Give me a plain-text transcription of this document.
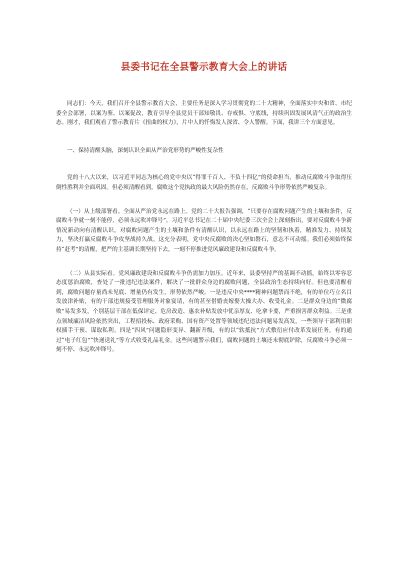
县委书记在全县警示教育大会上的讲话

同志们：今天，我们召开全县警示教育大会，主要任务是深入学习贯彻党的二十大精神，全面落实中央和省、市纪委全会部署，以案为鉴、以案促改，教育引导全县党员干部知敬畏、存戒惧、守底线，持续巩固发展风清气正的政治生态。刚才，我们观看了警示教育片《扭曲的权力》，片中人的忏悔发人深省、令人警醒。下面，我讲三个方面意见。

一、保持清醒头脑，深刻认识全面从严治党形势的严峻性复杂性

党的十八大以来，以习近平同志为核心的党中央以“得罪千百人、不负十四亿”的使命担当，推动反腐败斗争取得压倒性胜利并全面巩固。但必须清醒看到，腐败这个党执政的最大风险仍然存在，反腐败斗争形势依然严峻复杂。

（一）从上级部署看。全面从严治党永远在路上。党的二十大报告强调，“只要存在腐败问题产生的土壤和条件，反腐败斗争就一刻不能停，必须永远吹冲锋号”。习近平总书记在二十届中央纪委三次全会上深刻指出，要对反腐败斗争新情况新动向有清醒认识，对腐败问题产生的土壤和条件有清醒认识，以永远在路上的坚韧和执着，精准发力、持续发力，坚决打赢反腐败斗争攻坚战持久战。这充分表明，党中央反腐败的决心坚如磐石，意志不可动摇。我们必须始终保持“赶考”的清醒，把严的主基调长期坚持下去，一刻不停推进党风廉政建设和反腐败斗争。

（二）从县实际看。党风廉政建设和反腐败斗争仍需加力加压。近年来，县委坚持严的基调不动摇，始终以零容忍态度惩治腐败，查处了一批违纪违法案件，解决了一批群众身边的腐败问题，全县政治生态持续向好。但也要清醒看到，腐败问题存量尚未见底、增量仍有发生，形势依然严峻。一是违反中央****精神问题禁而不绝，有的单位巧立名目发放津补贴，有的干部违规接受管理服务对象宴请，有的甚至借婚丧嫁娶大操大办、收受礼金。二是群众身边的“微腐败”易发多发，个别基层干部在低保评定、危房改造、惠农补贴发放中优亲厚友、吃拿卡要，严重损害群众利益。三是重点领域廉洁风险依然突出，工程招投标、政府采购、国有资产处置等领域违纪违法问题易发高发，一些领导干部利用职权插手干预、谋取私利。四是“四风”问题隐形变异、翻新升级，有的以“软抵抗”方式敷衍应付改革发展任务，有的通过“电子红包”“快递送礼”等方式收受礼品礼金。这些问题警示我们，腐败问题的土壤还未彻底铲除，反腐败斗争必须一刻不停、永远吹冲锋号。
